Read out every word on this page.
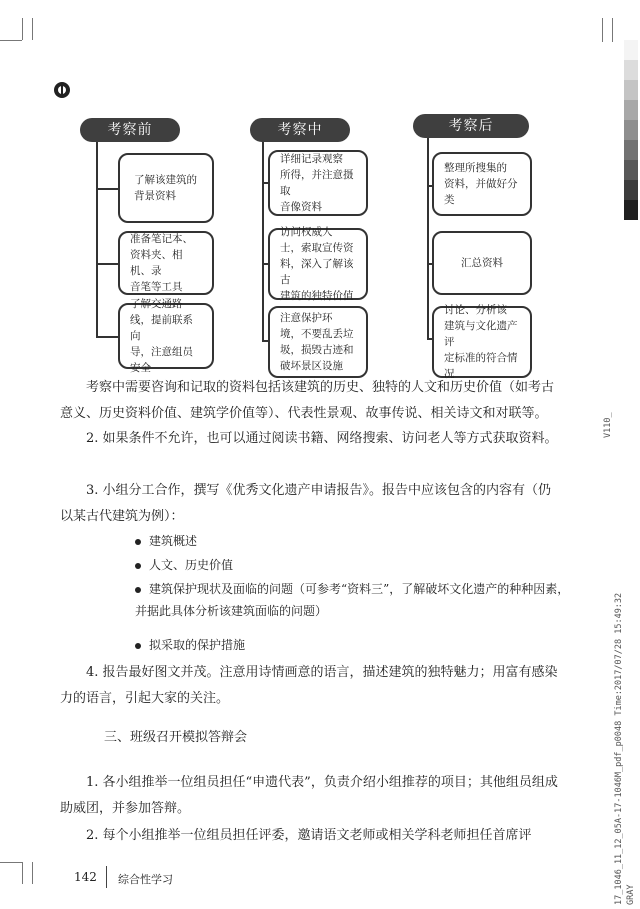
考察前
了解该建筑的
背景资料
准备笔记本、
资料夹、相机、录
音笔等工具
了解交通路
线，提前联系向
导，注意组员安全
考察中
详细记录观察
所得，并注意摄取
音像资料
访问权威人
士，索取宣传资
料，深入了解该古
建筑的独特价值
注意保护环
境，不要乱丢垃
圾，损毁古迹和
破坏景区设施
考察后
整理所搜集的
资料，并做好分类
汇总资料
讨论、分析该
建筑与文化遗产评
定标准的符合情况
考察中需要咨询和记取的资料包括该建筑的历史、独特的人文和历史价值（如考古意义、历史资料价值、建筑学价值等）、代表性景观、故事传说、相关诗文和对联等。
2. 如果条件不允许，也可以通过阅读书籍、网络搜索、访问老人等方式获取资料。
3. 小组分工合作，撰写《优秀文化遗产申请报告》。报告中应该包含的内容有（仍以某古代建筑为例）：
建筑概述
人文、历史价值
建筑保护现状及面临的问题（可参考“资料三”，了解破坏文化遗产的种种因素，并据此具体分析该建筑面临的问题）
拟采取的保护措施
4. 报告最好图文并茂。注意用诗情画意的语言，描述建筑的独特魅力；用富有感染力的语言，引起大家的关注。
三、班级召开模拟答辩会
1. 各小组推举一位组员担任“申遗代表”，负责介绍小组推荐的项目；其他组员组成助威团，并参加答辩。
2. 每个小组推举一位组员担任评委，邀请语文老师或相关学科老师担任首席评
142 综合性学习
V110_
17_1046_11_12_05A-17-1046M_pdf_p0048 Time:2017/07/28 15:49:32 GRAY
